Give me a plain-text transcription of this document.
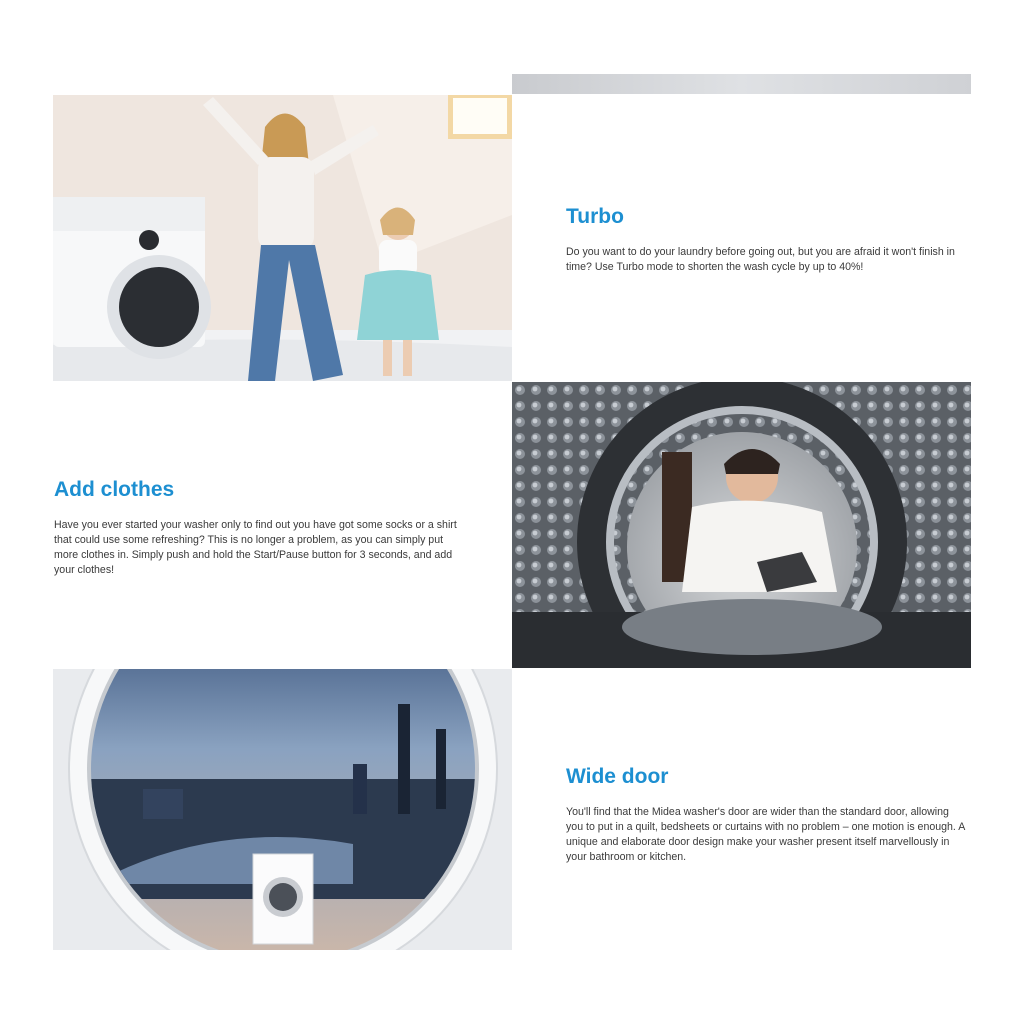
Turbo

Do you want to do your laundry before going out, but you are afraid it won't finish in time? Use Turbo mode to shorten the wash cycle by up to 40%!

Add clothes

Have you ever started your washer only to find out you have got some socks or a shirt that could use some refreshing? This is no longer a problem, as you can simply put more clothes in. Simply push and hold the Start/Pause button for 3 seconds, and add your clothes!

Wide door

You'll find that the Midea washer's door are wider than the standard door, allowing you to put in a quilt, bedsheets or curtains with no problem – one motion is enough. A unique and elaborate door design make your washer present itself marvellously in your bathroom or kitchen.
